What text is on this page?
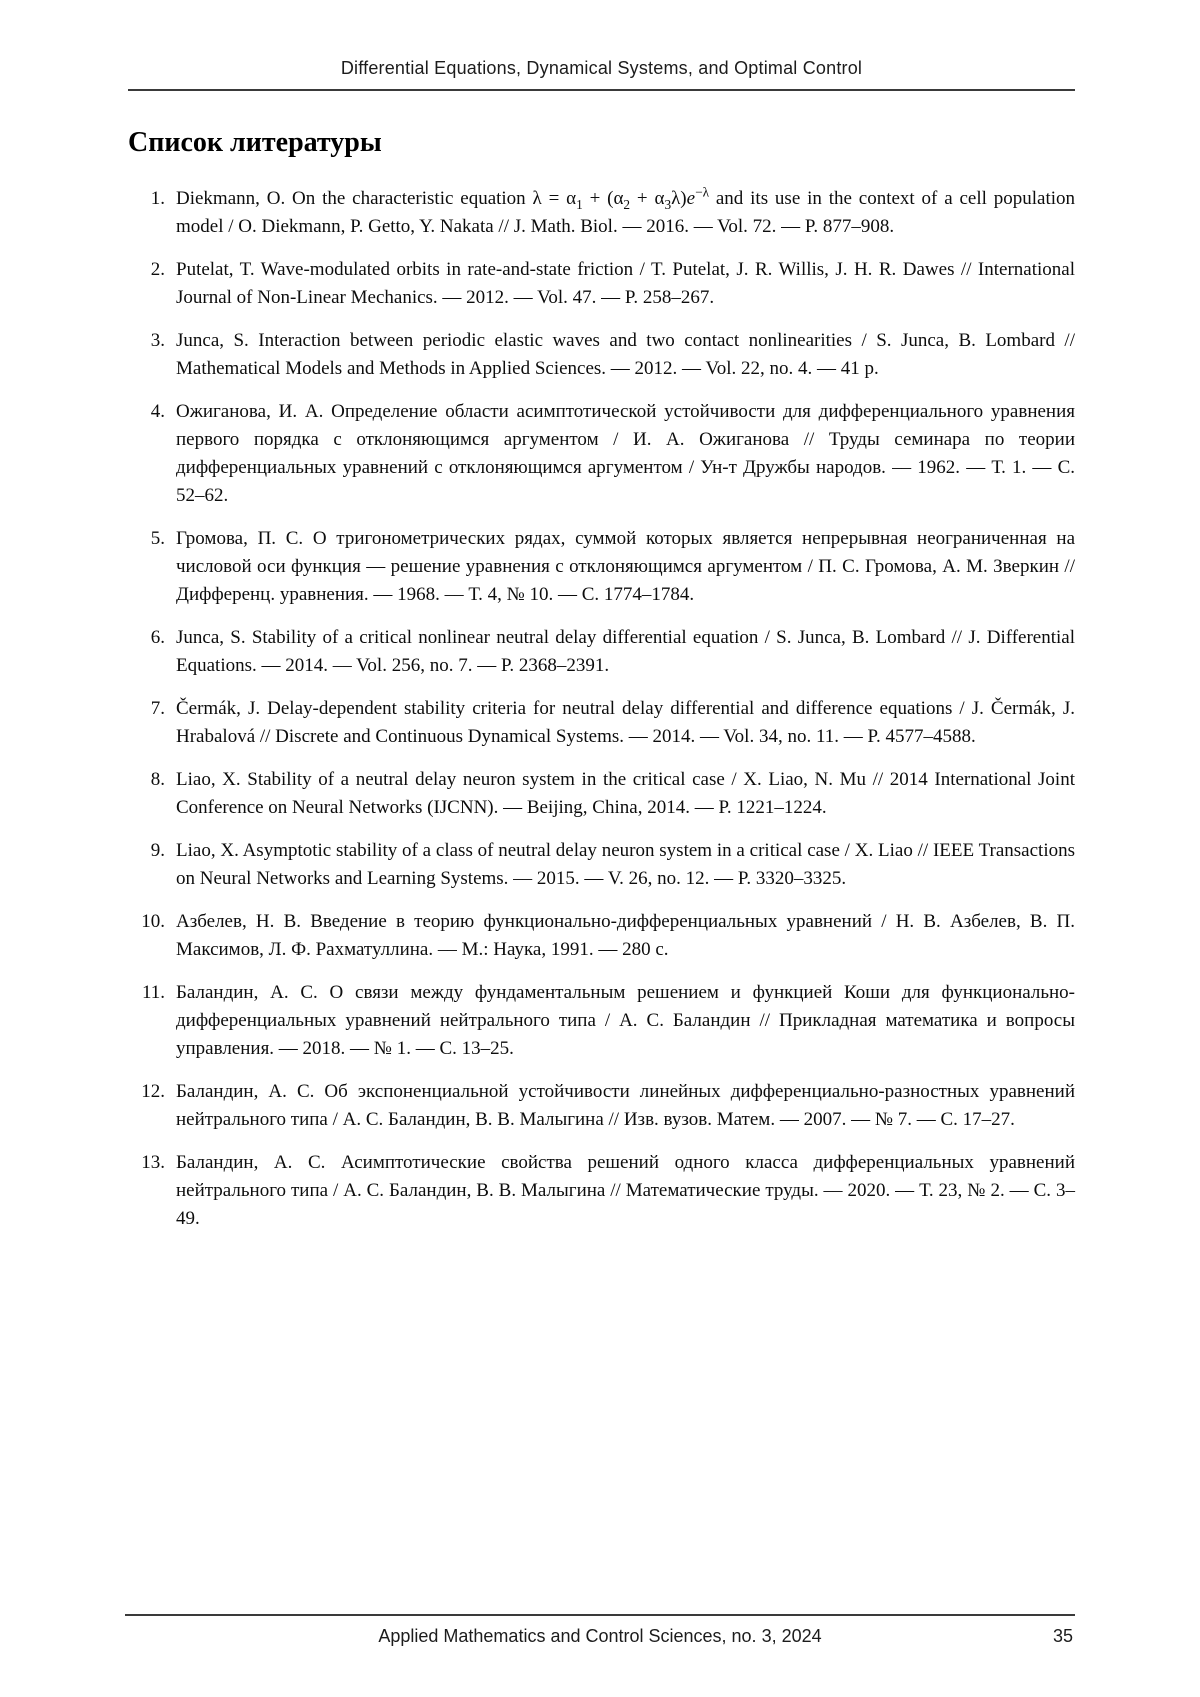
Differential Equations, Dynamical Systems, and Optimal Control
Список литературы
1. Diekmann, O. On the characteristic equation $\lambda = \alpha_1 + (\alpha_2 + \alpha_3\lambda)e^{-\lambda}$ and its use in the context of a cell population model / O. Diekmann, P. Getto, Y. Nakata // J. Math. Biol. — 2016. — Vol. 72. — P. 877–908.
2. Putelat, T. Wave-modulated orbits in rate-and-state friction / T. Putelat, J. R. Willis, J. H. R. Dawes // International Journal of Non-Linear Mechanics. — 2012. — Vol. 47. — P. 258–267.
3. Junca, S. Interaction between periodic elastic waves and two contact nonlinearities / S. Junca, B. Lombard // Mathematical Models and Methods in Applied Sciences. — 2012. — Vol. 22, no. 4. — 41 p.
4. Ожиганова, И. А. Определение области асимптотической устойчивости для дифференциального уравнения первого порядка с отклоняющимся аргументом / И. А. Ожиганова // Труды семинара по теории дифференциальных уравнений с отклоняющимся аргументом / Ун-т Дружбы народов. –– 1962. — Т. 1. — С. 52–62.
5. Громова, П. С. О тригонометрических рядах, суммой которых является непрерывная неограниченная на числовой оси функция — решение уравнения с отклоняющимся аргументом / П. С. Громова, А. М. Зверкин // Дифференц. уравнения. — 1968. –– Т. 4, № 10. — С. 1774–1784.
6. Junca, S. Stability of a critical nonlinear neutral delay differential equation / S. Junca, B. Lombard // J. Differential Equations. — 2014. –– Vol. 256, no. 7. — P. 2368–2391.
7. Čermák, J. Delay-dependent stability criteria for neutral delay differential and difference equations / J. Čermák, J. Hrabalová // Discrete and Continuous Dynamical Systems. — 2014. — Vol. 34, no. 11. — P. 4577–4588.
8. Liao, X. Stability of a neutral delay neuron system in the critical case / X. Liao, N. Mu // 2014 International Joint Conference on Neural Networks (IJCNN). — Beijing, China, 2014. — P. 1221–1224.
9. Liao, X. Asymptotic stability of a class of neutral delay neuron system in a critical case / X. Liao // IEEE Transactions on Neural Networks and Learning Systems. –– 2015. — V. 26, no. 12. — P. 3320–3325.
10. Азбелев, Н. В. Введение в теорию функционально-дифференциальных уравнений / Н. В. Азбелев, В. П. Максимов, Л. Ф. Рахматуллина. –– М.: Наука, 1991. — 280 с.
11. Баландин, А. С. О связи между фундаментальным решением и функцией Коши для функционально-дифференциальных уравнений нейтрального типа / А. С. Баландин // Прикладная математика и вопросы управления. — 2018. — № 1. — С. 13–25.
12. Баландин, А. С. Об экспоненциальной устойчивости линейных дифференциально-разностных уравнений нейтрального типа / А. С. Баландин, В. В. Малыгина // Изв. вузов. Матем. — 2007. — № 7. — С. 17–27.
13. Баландин, А. С. Асимптотические свойства решений одного класса дифференциальных уравнений нейтрального типа / А. С. Баландин, В. В. Малыгина // Математические труды. –– 2020. — Т. 23, № 2. — С. 3–49.
Applied Mathematics and Control Sciences, no. 3, 2024	35
